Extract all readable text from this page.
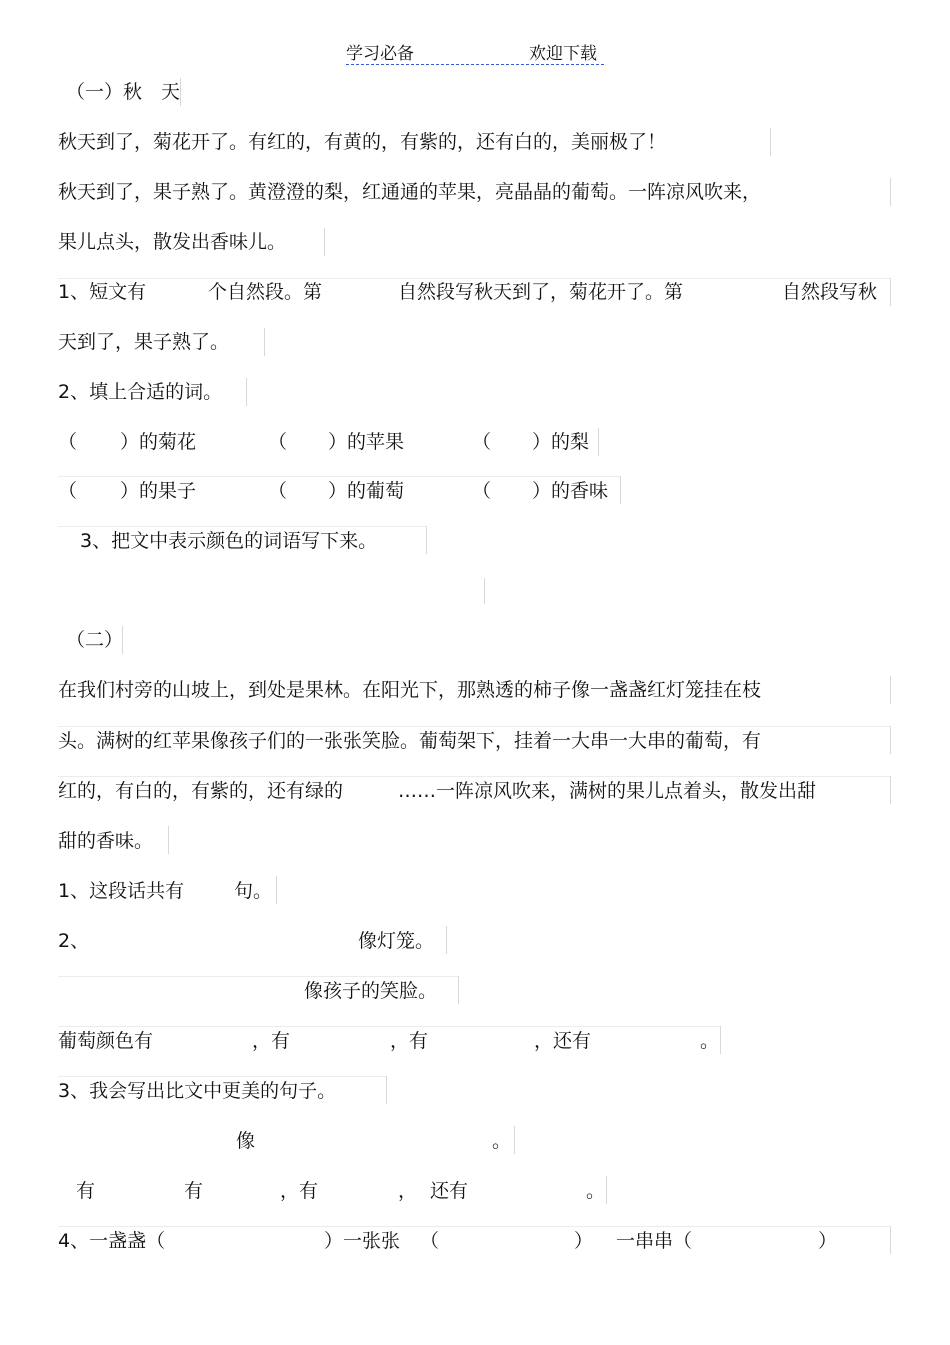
学习必备	欢迎下载
（一）秋　天
秋天到了，菊花开了。有红的，有黄的，有紫的，还有白的，美丽极了！
秋天到了，果子熟了。黄澄澄的梨，红通通的苹果，亮晶晶的葡萄。一阵凉风吹来，
果儿点头，散发出香味儿。
1、短文有	个自然段。第	自然段写秋天到了，菊花开了。第	自然段写秋
天到了，果子熟了。
2、填上合适的词。
（ ）的菊花	（ ）的苹果	（ ）的梨
（ ）的果子	（ ）的葡萄	（ ）的香味
3、把文中表示颜色的词语写下来。
（二）
在我们村旁的山坡上，到处是果林。在阳光下，那熟透的柿子像一盏盏红灯笼挂在枝
头。满树的红苹果像孩子们的一张张笑脸。葡萄架下，挂着一大串一大串的葡萄，有
红的，有白的，有紫的，还有绿的	……一阵凉风吹来，满树的果儿点着头，散发出甜
甜的香味。
1、这段话共有	句。
2、	像灯笼。
像孩子的笑脸。
葡萄颜色有	，有	，有	，还有	。
3、我会写出比文中更美的句子。
像	。
有	有	，有	， 还有	。
4、一盏盏（	）一张张 （	） 一串串（	）
